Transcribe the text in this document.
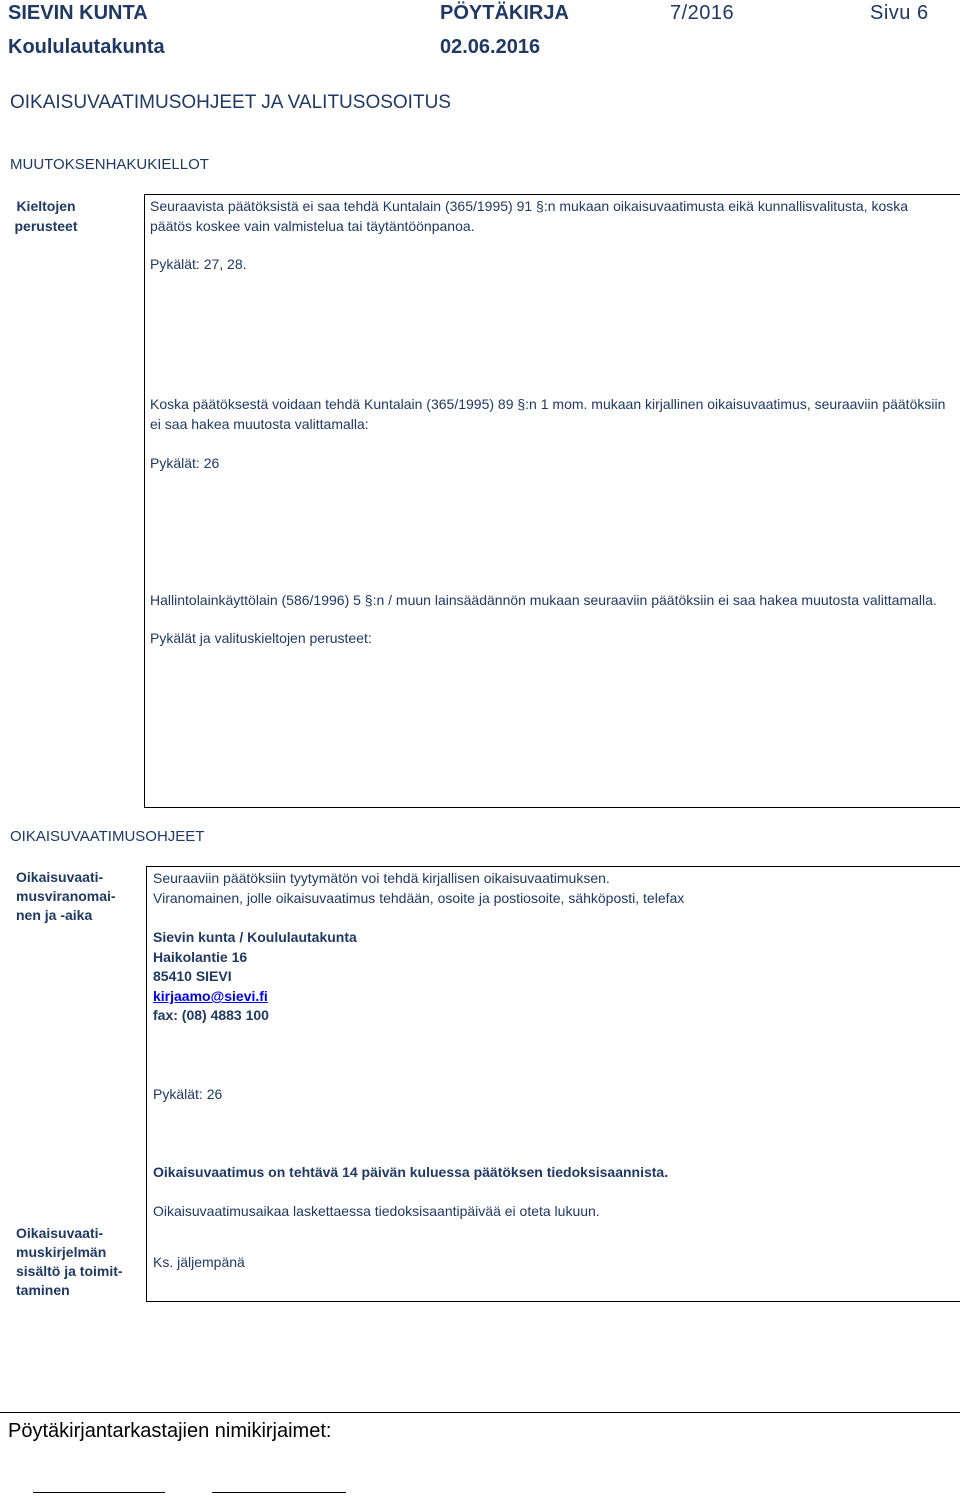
SIEVIN KUNTA	PÖYTÄKIRJA	7/2016	Sivu 6
Koululautakunta	02.06.2016
OIKAISUVAATIMUSOHJEET JA VALITUSOSOITUS
MUUTOKSENHAKUKIELLOT
Kieltojen
perusteet
Seuraavista päätöksistä ei saa tehdä Kuntalain (365/1995) 91 §:n mukaan oikaisuvaatimusta eikä kunnallisvalitusta, koska
päätös koskee vain valmistelua tai täytäntöönpanoa.
Pykälät: 27, 28.
Koska päätöksestä voidaan tehdä Kuntalain (365/1995) 89 §:n 1 mom. mukaan kirjallinen oikaisuvaatimus, seuraaviin päätöksiin
ei saa hakea muutosta valittamalla:
Pykälät: 26
Hallintolainkäyttölain (586/1996) 5 §:n / muun lainsäädännön mukaan seuraaviin päätöksiin ei saa hakea muutosta valittamalla.
Pykälät ja valituskieltojen perusteet:
OIKAISUVAATIMUSOHJEET
Oikaisuvaati-
musviranomai-
nen ja -aika
Seuraaviin päätöksiin tyytymätön voi tehdä kirjallisen oikaisuvaatimuksen.
Viranomainen, jolle oikaisuvaatimus tehdään, osoite ja postiosoite, sähköposti, telefax
Sievin kunta / Koululautakunta
Haikolantie 16
85410 SIEVI
kirjaamo@sievi.fi
fax: (08) 4883 100
Pykälät: 26
Oikaisuvaatimus on tehtävä 14 päivän kuluessa päätöksen tiedoksisaannista.
Oikaisuvaatimusaikaa laskettaessa tiedoksisaantipäivää ei oteta lukuun.
Oikaisuvaati-
muskirjelmän
sisältö ja toimit-
taminen
Ks. jäljempänä
Pöytäkirjantarkastajien nimikirjaimet:
